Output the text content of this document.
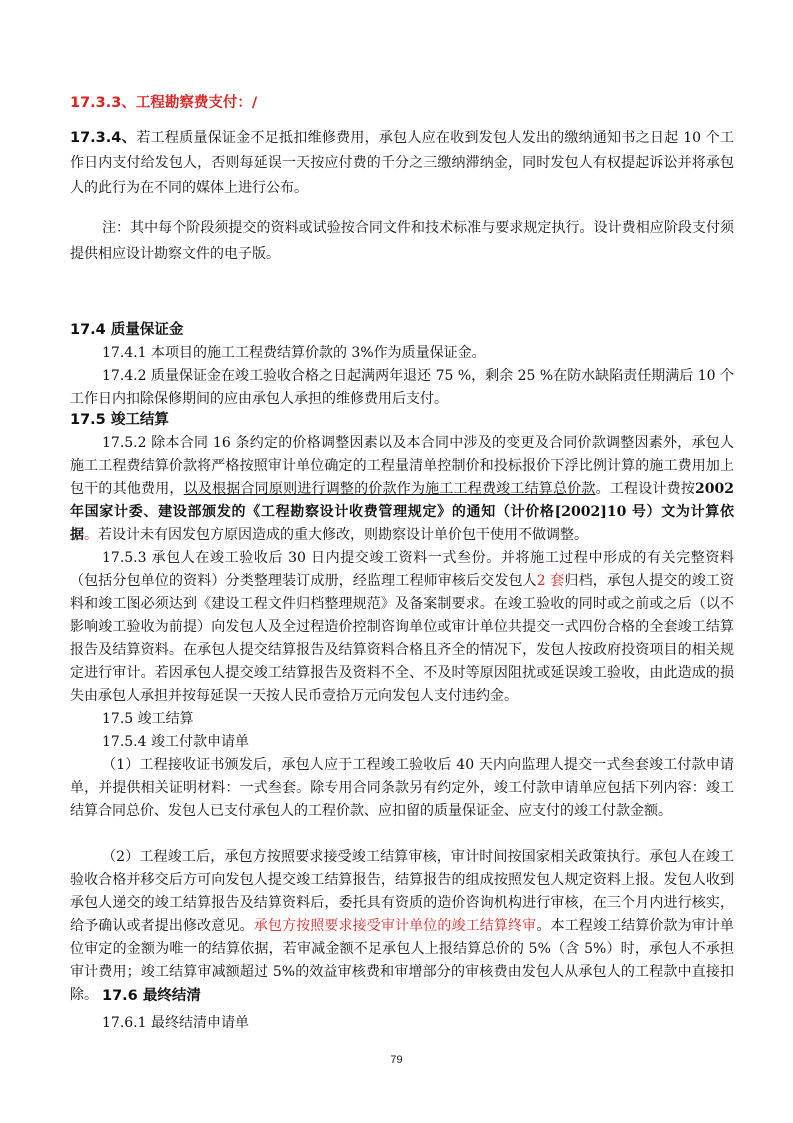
17.3.3、工程勘察费支付：/

17.3.4、若工程质量保证金不足抵扣维修费用，承包人应在收到发包人发出的缴纳通知书之日起 10 个工作日内支付给发包人，否则每延误一天按应付费的千分之三缴纳滞纳金，同时发包人有权提起诉讼并将承包人的此行为在不同的媒体上进行公布。

注：其中每个阶段须提交的资料或试验按合同文件和技术标准与要求规定执行。设计费相应阶段支付须提供相应设计勘察文件的电子版。

17.4 质量保证金

17.4.1 本项目的施工工程费结算价款的 3%作为质量保证金。

17.4.2 质量保证金在竣工验收合格之日起满两年退还 75 %，剩余 25 %在防水缺陷责任期满后 10 个工作日内扣除保修期间的应由承包人承担的维修费用后支付。

17.5 竣工结算

17.5.2 除本合同 16 条约定的价格调整因素以及本合同中涉及的变更及合同价款调整因素外，承包人施工工程费结算价款将严格按照审计单位确定的工程量清单控制价和投标报价下浮比例计算的施工费用加上包干的其他费用，以及根据合同原则进行调整的价款作为施工工程费竣工结算总价款。工程设计费按2002 年国家计委、建设部颁发的《工程勘察设计收费管理规定》的通知（计价格[2002]10 号）文为计算依据。若设计未有因发包方原因造成的重大修改，则勘察设计单价包干使用不做调整。

17.5.3 承包人在竣工验收后 30 日内提交竣工资料一式叁份。并将施工过程中形成的有关完整资料（包括分包单位的资料）分类整理装订成册，经监理工程师审核后交发包人2 套归档，承包人提交的竣工资料和竣工图必须达到《建设工程文件归档整理规范》及备案制要求。在竣工验收的同时或之前或之后（以不影响竣工验收为前提）向发包人及全过程造价控制咨询单位或审计单位共提交一式四份合格的全套竣工结算报告及结算资料。在承包人提交结算报告及结算资料合格且齐全的情况下，发包人按政府投资项目的相关规定进行审计。若因承包人提交竣工结算报告及资料不全、不及时等原因阻扰或延误竣工验收，由此造成的损失由承包人承担并按每延误一天按人民币壹拾万元向发包人支付违约金。

17.5 竣工结算

17.5.4 竣工付款申请单

（1）工程接收证书颁发后，承包人应于工程竣工验收后 40 天内向监理人提交一式叁套竣工付款申请单，并提供相关证明材料：一式叁套。除专用合同条款另有约定外，竣工付款申请单应包括下列内容：竣工结算合同总价、发包人已支付承包人的工程价款、应扣留的质量保证金、应支付的竣工付款金额。

（2）工程竣工后，承包方按照要求接受竣工结算审核，审计时间按国家相关政策执行。承包人在竣工验收合格并移交后方可向发包人提交竣工结算报告，结算报告的组成按照发包人规定资料上报。发包人收到承包人递交的竣工结算报告及结算资料后，委托具有资质的造价咨询机构进行审核，在三个月内进行核实，给予确认或者提出修改意见。承包方按照要求接受审计单位的竣工结算终审。本工程竣工结算价款为审计单位审定的金额为唯一的结算依据，若审减金额不足承包人上报结算总价的 5%（含 5%）时，承包人不承担审计费用；竣工结算审减额超过 5%的效益审核费和审增部分的审核费由发包人从承包人的工程款中直接扣除。 17.6 最终结清

17.6.1 最终结清申请单

79
